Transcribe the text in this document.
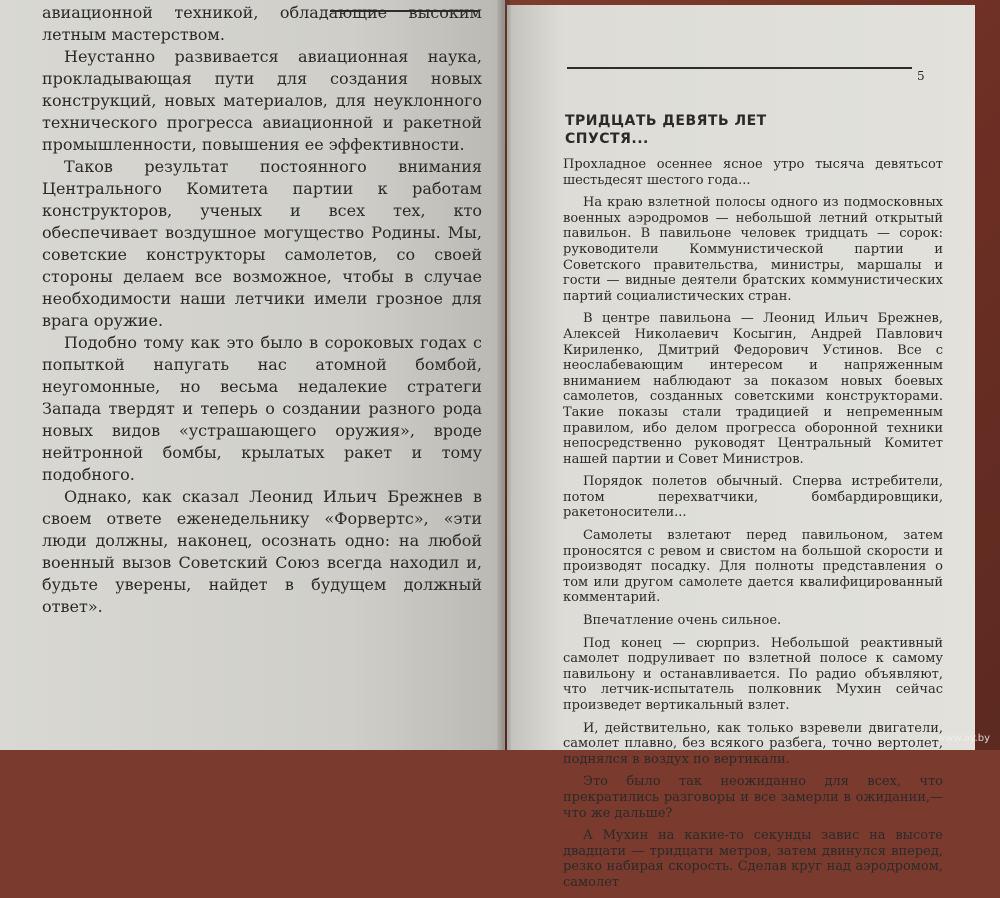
авиационной техникой, обладающие высоким летным мастерством.

Неустанно развивается авиационная наука, прокладывающая пути для создания новых конструкций, новых материалов, для неуклонного технического прогресса авиационной и ракетной промышленности, повышения ее эффективности.

Таков результат постоянного внимания Центрального Комитета партии к работам конструкторов, ученых и всех тех, кто обеспечивает воздушное могущество Родины. Мы, советские конструкторы самолетов, со своей стороны делаем все возможное, чтобы в случае необходимости наши летчики имели грозное для врага оружие.

Подобно тому как это было в сороковых годах с попыткой напугать нас атомной бомбой, неугомонные, но весьма недалекие стратеги Запада твердят и теперь о создании разного рода новых видов «устрашающего оружия», вроде нейтронной бомбы, крылатых ракет и тому подобного.

Однако, как сказал Леонид Ильич Брежнев в своем ответе еженедельнику «Форвертс», «эти люди должны, наконец, осознать одно: на любой военный вызов Советский Союз всегда находил и, будьте уверены, найдет в будущем должный ответ».

5
ТРИДЦАТЬ ДЕВЯТЬ ЛЕТ
СПУСТЯ...

Прохладное осеннее ясное утро тысяча девятьсот шестьдесят шестого года...

На краю взлетной полосы одного из подмосковных военных аэродромов — небольшой летний открытый павильон. В павильоне человек тридцать — сорок: руководители Коммунистической партии и Советского правительства, министры, маршалы и гости — видные деятели братских коммунистических партий социалистических стран.

В центре павильона — Леонид Ильич Брежнев, Алексей Николаевич Косыгин, Андрей Павлович Кириленко, Дмитрий Федорович Устинов. Все с неослабевающим интересом и напряженным вниманием наблюдают за показом новых боевых самолетов, созданных советскими конструкторами. Такие показы стали традицией и непременным правилом, ибо делом прогресса оборонной техники непосредственно руководят Центральный Комитет нашей партии и Совет Министров.

Порядок полетов обычный. Сперва истребители, потом перехватчики, бомбардировщики, ракетоносители...

Самолеты взлетают перед павильоном, затем проносятся с ревом и свистом на большой скорости и производят посадку. Для полноты представления о том или другом самолете дается квалифицированный комментарий.

Впечатление очень сильное.

Под конец — сюрприз. Небольшой реактивный самолет подруливает по взлетной полосе к самому павильону и останавливается. По радио объявляют, что летчик-испытатель полковник Мухин сейчас произведет вертикальный взлет.

И, действительно, как только взревели двигатели, самолет плавно, без всякого разбега, точно вертолет, поднялся в воздух по вертикали.

Это было так неожиданно для всех, что прекратились разговоры и все замерли в ожидании,— что же дальше?

А Мухин на какие-то секунды завис на высоте двадцати — тридцати метров, затем двинулся вперед, резко набирая скорость. Сделав круг над аэродромом, самолет

www.ay.by
